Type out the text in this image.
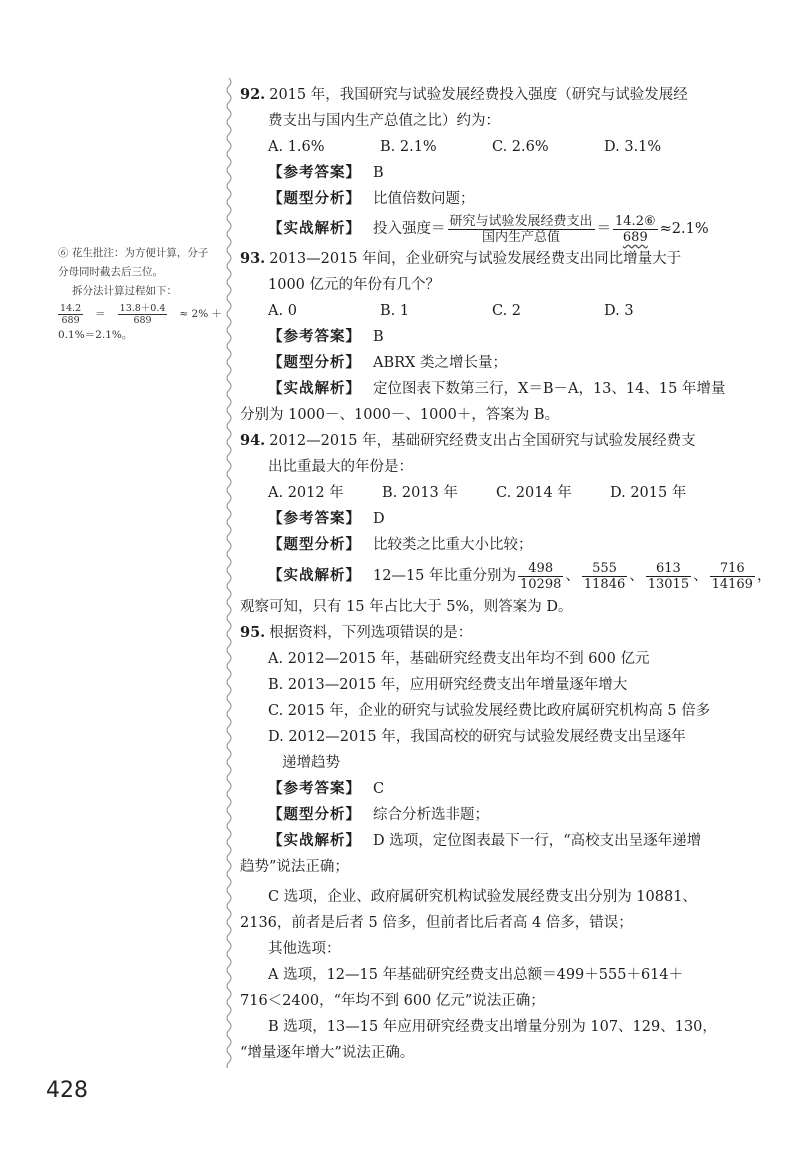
⑥ 花生批注：为方便计算，分子
分母同时截去后三位。
拆分法计算过程如下：
$\frac{14.2}{689} = \frac{13.8+0.4}{689} \approx 2\%$ ＋
0.1%＝2.1%。
92. 2015 年，我国研究与试验发展经费投入强度（研究与试验发展经
费支出与国内生产总值之比）约为：
A. 1.6%	B. 2.1%	C. 2.6%	D. 3.1%
【参考答案】 B
【题型分析】 比值倍数问题；
【实战解析】 投入强度＝ $\frac{\text{研究与试验发展经费支出}}{\text{国内生产总值}} = \frac{\text{14.2⑥}}{689} \approx 2.1\%$
93. 2013—2015 年间，企业研究与试验发展经费支出同比增量大于
1000 亿元的年份有几个？
A. 0	B. 1	C. 2	D. 3
【参考答案】 B
【题型分析】 ABRX 类之增长量；
【实战解析】 定位图表下数第三行，X＝B－A，13、14、15 年增量
分别为 1000－、1000－、1000＋，答案为 B。
94. 2012—2015 年，基础研究经费支出占全国研究与试验发展经费支
出比重最大的年份是：
A. 2012 年	B. 2013 年	C. 2014 年	D. 2015 年
【参考答案】 D
【题型分析】 比较类之比重大小比较；
【实战解析】 12—15 年比重分别为 $\frac{498}{10298}$ 、 $\frac{555}{11846}$ 、 $\frac{613}{13015}$ 、 $\frac{716}{14169}$ ，
观察可知，只有 15 年占比大于 5%，则答案为 D。
95. 根据资料，下列选项错误的是：
A. 2012—2015 年，基础研究经费支出年均不到 600 亿元
B. 2013—2015 年，应用研究经费支出年增量逐年增大
C. 2015 年，企业的研究与试验发展经费比政府属研究机构高 5 倍多
D. 2012—2015 年，我国高校的研究与试验发展经费支出呈逐年
递增趋势
【参考答案】 C
【题型分析】 综合分析选非题；
【实战解析】 D 选项，定位图表最下一行，“高校支出呈逐年递增
趋势”说法正确；
C 选项，企业、政府属研究机构试验发展经费支出分别为 10881、
2136，前者是后者 5 倍多，但前者比后者高 4 倍多，错误；
其他选项：
A 选项，12—15 年基础研究经费支出总额＝499＋555＋614＋
716＜2400，“年均不到 600 亿元”说法正确；
B 选项，13—15 年应用研究经费支出增量分别为 107、129、130，
“增量逐年增大”说法正确。
428
